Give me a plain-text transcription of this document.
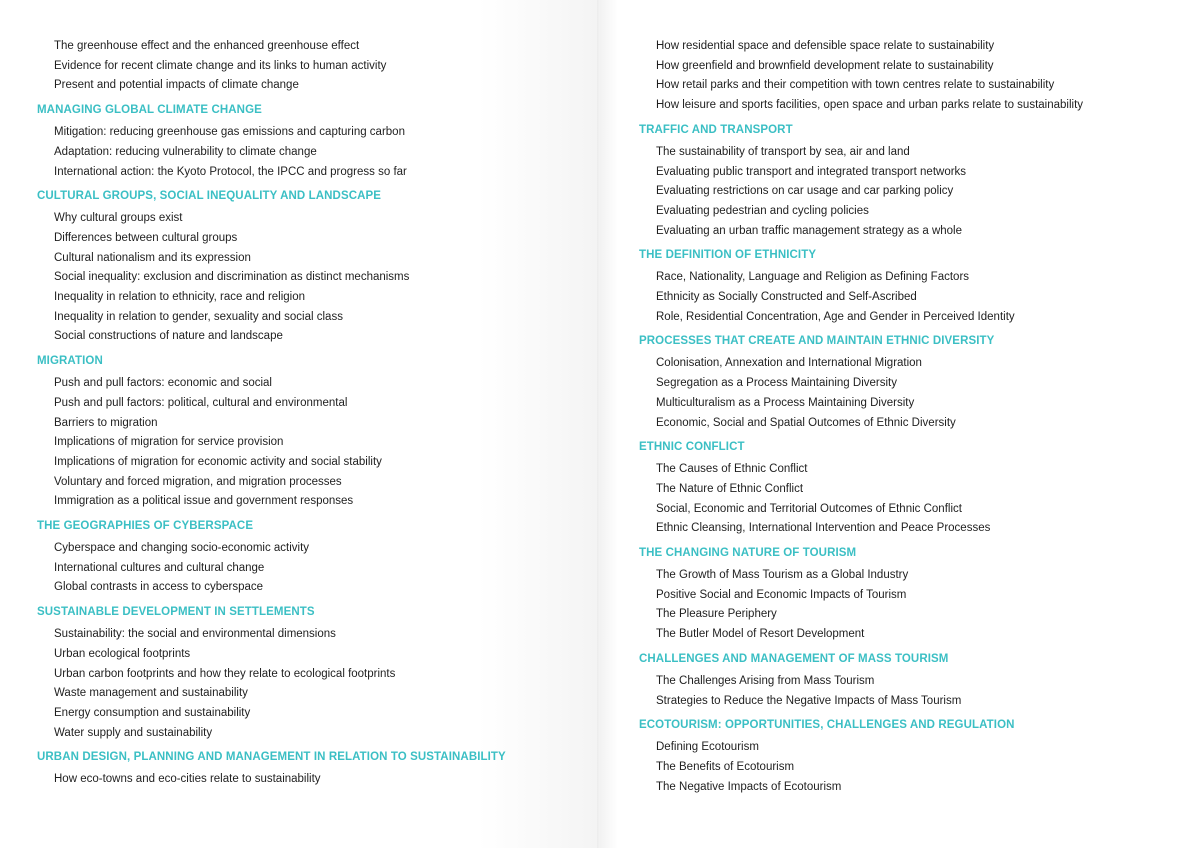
The greenhouse effect and the enhanced greenhouse effect
Evidence for recent climate change and its links to human activity
Present and potential impacts of climate change
MANAGING GLOBAL CLIMATE CHANGE
Mitigation: reducing greenhouse gas emissions and capturing carbon
Adaptation: reducing vulnerability to climate change
International action: the Kyoto Protocol, the IPCC and progress so far
CULTURAL GROUPS, SOCIAL INEQUALITY AND LANDSCAPE
Why cultural groups exist
Differences between cultural groups
Cultural nationalism and its expression
Social inequality: exclusion and discrimination as distinct mechanisms
Inequality in relation to ethnicity, race and religion
Inequality in relation to gender, sexuality and social class
Social constructions of nature and landscape
MIGRATION
Push and pull factors: economic and social
Push and pull factors: political, cultural and environmental
Barriers to migration
Implications of migration for service provision
Implications of migration for economic activity and social stability
Voluntary and forced migration, and migration processes
Immigration as a political issue and government responses
THE GEOGRAPHIES OF CYBERSPACE
Cyberspace and changing socio-economic activity
International cultures and cultural change
Global contrasts in access to cyberspace
SUSTAINABLE DEVELOPMENT IN SETTLEMENTS
Sustainability: the social and environmental dimensions
Urban ecological footprints
Urban carbon footprints and how they relate to ecological footprints
Waste management and sustainability
Energy consumption and sustainability
Water supply and sustainability
URBAN DESIGN, PLANNING AND MANAGEMENT IN RELATION TO SUSTAINABILITY
How eco-towns and eco-cities relate to sustainability
How residential space and defensible space relate to sustainability
How greenfield and brownfield development relate to sustainability
How retail parks and their competition with town centres relate to sustainability
How leisure and sports facilities, open space and urban parks relate to sustainability
TRAFFIC AND TRANSPORT
The sustainability of transport by sea, air and land
Evaluating public transport and integrated transport networks
Evaluating restrictions on car usage and car parking policy
Evaluating pedestrian and cycling policies
Evaluating an urban traffic management strategy as a whole
THE DEFINITION OF ETHNICITY
Race, Nationality, Language and Religion as Defining Factors
Ethnicity as Socially Constructed and Self-Ascribed
Role, Residential Concentration, Age and Gender in Perceived Identity
PROCESSES THAT CREATE AND MAINTAIN ETHNIC DIVERSITY
Colonisation, Annexation and International Migration
Segregation as a Process Maintaining Diversity
Multiculturalism as a Process Maintaining Diversity
Economic, Social and Spatial Outcomes of Ethnic Diversity
ETHNIC CONFLICT
The Causes of Ethnic Conflict
The Nature of Ethnic Conflict
Social, Economic and Territorial Outcomes of Ethnic Conflict
Ethnic Cleansing, International Intervention and Peace Processes
THE CHANGING NATURE OF TOURISM
The Growth of Mass Tourism as a Global Industry
Positive Social and Economic Impacts of Tourism
The Pleasure Periphery
The Butler Model of Resort Development
CHALLENGES AND MANAGEMENT OF MASS TOURISM
The Challenges Arising from Mass Tourism
Strategies to Reduce the Negative Impacts of Mass Tourism
ECOTOURISM: OPPORTUNITIES, CHALLENGES AND REGULATION
Defining Ecotourism
The Benefits of Ecotourism
The Negative Impacts of Ecotourism
